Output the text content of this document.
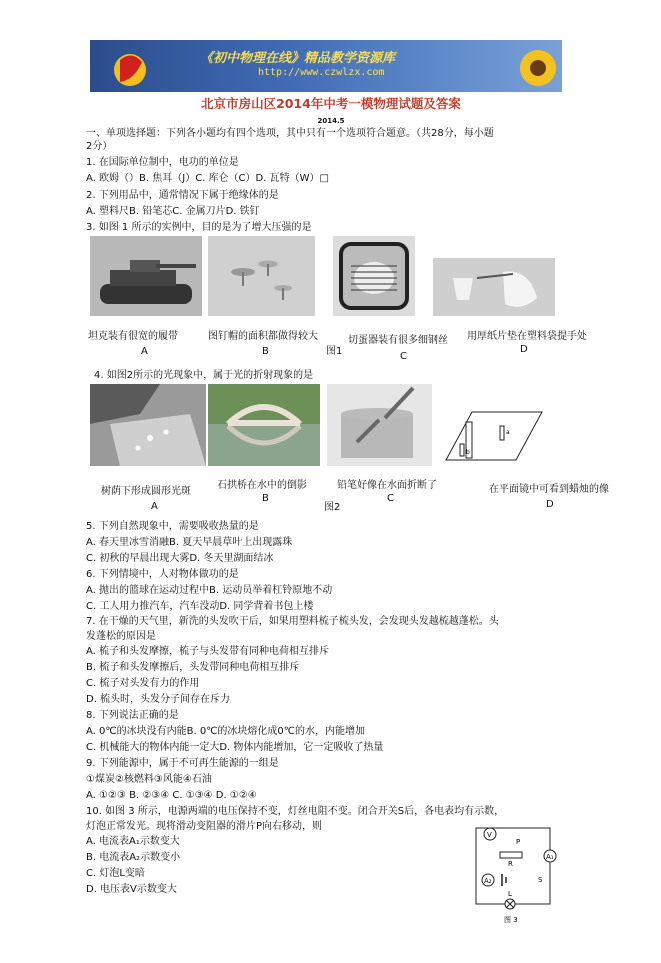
《初中物理在线》精品教学资源库
http://www.czwlzx.com
北京市房山区2014年中考一模物理试题及答案
2014.5
一、单项选择题：下列各小题均有四个选项，其中只有一个选项符合题意。（共28分，每小题
2分）
1. 在国际单位制中，电功的单位是
A. 欧姆（）B. 焦耳（J）C. 库仑（C）D. 瓦特（W）□
2. 下列用品中，通常情况下属于绝缘体的是
A. 塑料尺B. 铅笔芯C. 金属刀片D. 铁钉
3. 如图 1 所示的实例中，目的是为了增大压强的是
坦克装有很宽的履带	图钉帽的面积都做得较大	切蛋器装有很多细钢丝 用厚纸片垫在塑料袋提手处
图1
A	B	C
D
4. 如图2所示的光现象中，属于光的折射现象的是
a
b
树荫下形成圆形光斑
石拱桥在水中的倒影	铅笔好像在水面折断了	在平面镜中可看到蜡烛的像
A
B	C
D
图2
5. 下列自然现象中，需要吸收热量的是
A. 春天里冰雪消融B. 夏天早晨草叶上出现露珠
C. 初秋的早晨出现大雾D. 冬天里湖面结冰
6. 下列情境中，人对物体做功的是
A. 抛出的篮球在运动过程中B. 运动员举着杠铃原地不动
C. 工人用力推汽车，汽车没动D. 同学背着书包上楼
7. 在干燥的天气里，新洗的头发吹干后，如果用塑料梳子梳头发，会发现头发越梳越蓬松。头
发蓬松的原因是
A. 梳子和头发摩擦，梳子与头发带有同种电荷相互排斥
B. 梳子和头发摩擦后，头发带同种电荷相互排斥
C. 梳子对头发有力的作用
D. 梳头时，头发分子间存在斥力
8. 下列说法正确的是
A. 0℃的冰块没有内能B. 0℃的冰块熔化成0℃的水，内能增加
C. 机械能大的物体内能一定大D. 物体内能增加，它一定吸收了热量
9. 下列能源中，属于不可再生能源的一组是
①煤炭②核燃料③风能④石油
A. ①②③ B. ②③④ C. ①③④ D. ①②④
10. 如图 3 所示，电源两端的电压保持不变，灯丝电阻不变。闭合开关S后，各电表均有示数，
灯泡正常发光。现将滑动变阻器的滑片P向右移动，则
A. 电流表A₁示数变大
B. 电流表A₂示数变小
C. 灯泡L变暗
D. 电压表V示数变大
V
P
R
A₁
A₂	S
L
图 3
